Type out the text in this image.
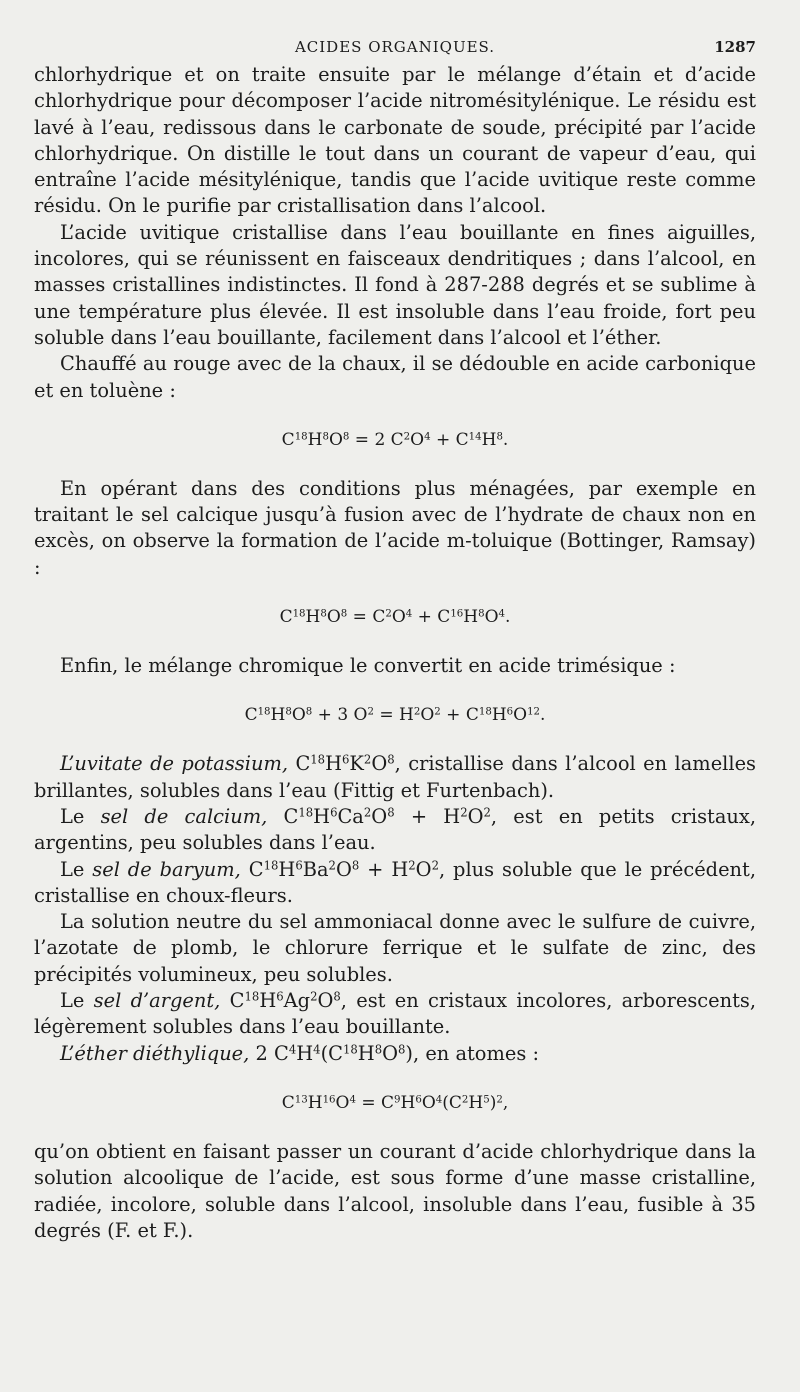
ACIDES ORGANIQUES.	1287

chlorhydrique et on traite ensuite par le mélange d’étain et d’acide chlorhydrique pour décomposer l’acide nitromésitylénique. Le résidu est lavé à l’eau, redissous dans le carbonate de soude, précipité par l’acide chlorhydrique. On distille le tout dans un courant de vapeur d’eau, qui entraîne l’acide mésitylénique, tandis que l’acide uvitique reste comme résidu. On le purifie par cristallisation dans l’alcool.

L’acide uvitique cristallise dans l’eau bouillante en fines aiguilles, incolores, qui se réunissent en faisceaux dendritiques ; dans l’alcool, en masses cristallines indistinctes. Il fond à 287-288 degrés et se sublime à une température plus élevée. Il est insoluble dans l’eau froide, fort peu soluble dans l’eau bouillante, facilement dans l’alcool et l’éther.

Chauffé au rouge avec de la chaux, il se dédouble en acide carbonique et en toluène :

$C^{18}H^8O^8 = 2$ $C^2O^4 + C^{14}H^8$.

En opérant dans des conditions plus ménagées, par exemple en traitant le sel calcique jusqu’à fusion avec de l’hydrate de chaux non en excès, on observe la formation de l’acide m-toluique (Bottinger, Ramsay) :

$C^{18}H^8O^8 = C^2O^4 + C^{16}H^8O^4$.

Enfin, le mélange chromique le convertit en acide trimésique :

$C^{18}H^8O^8 + 3$ $O^2 = H^2O^2 + C^{18}H^6O^{12}$.

L’uvitate de potassium, $C^{18}H^6K^2O^8$, cristallise dans l’alcool en lamelles brillantes, solubles dans l’eau (Fittig et Furtenbach).

Le sel de calcium, $C^{18}H^6Ca^2O^8 + H^2O^2$, est en petits cristaux, argentins, peu solubles dans l’eau.

Le sel de baryum, $C^{18}H^6Ba^2O^8 + H^2O^2$, plus soluble que le précédent, cristallise en choux-fleurs.

La solution neutre du sel ammoniacal donne avec le sulfure de cuivre, l’azotate de plomb, le chlorure ferrique et le sulfate de zinc, des précipités volumineux, peu solubles.

Le sel d’argent, $C^{18}H^6Ag^2O^8$, est en cristaux incolores, arborescents, légèrement solubles dans l’eau bouillante.

L’éther diéthylique, 2 $C^4H^4(C^{18}H^8O^8)$, en atomes :

$C^{13}H^{16}O^4 = C^9H^6O^4(C^2H^5)^2$,

qu’on obtient en faisant passer un courant d’acide chlorhydrique dans la solution alcoolique de l’acide, est sous forme d’une masse cristalline, radiée, incolore, soluble dans l’alcool, insoluble dans l’eau, fusible à 35 degrés (F. et F.).
